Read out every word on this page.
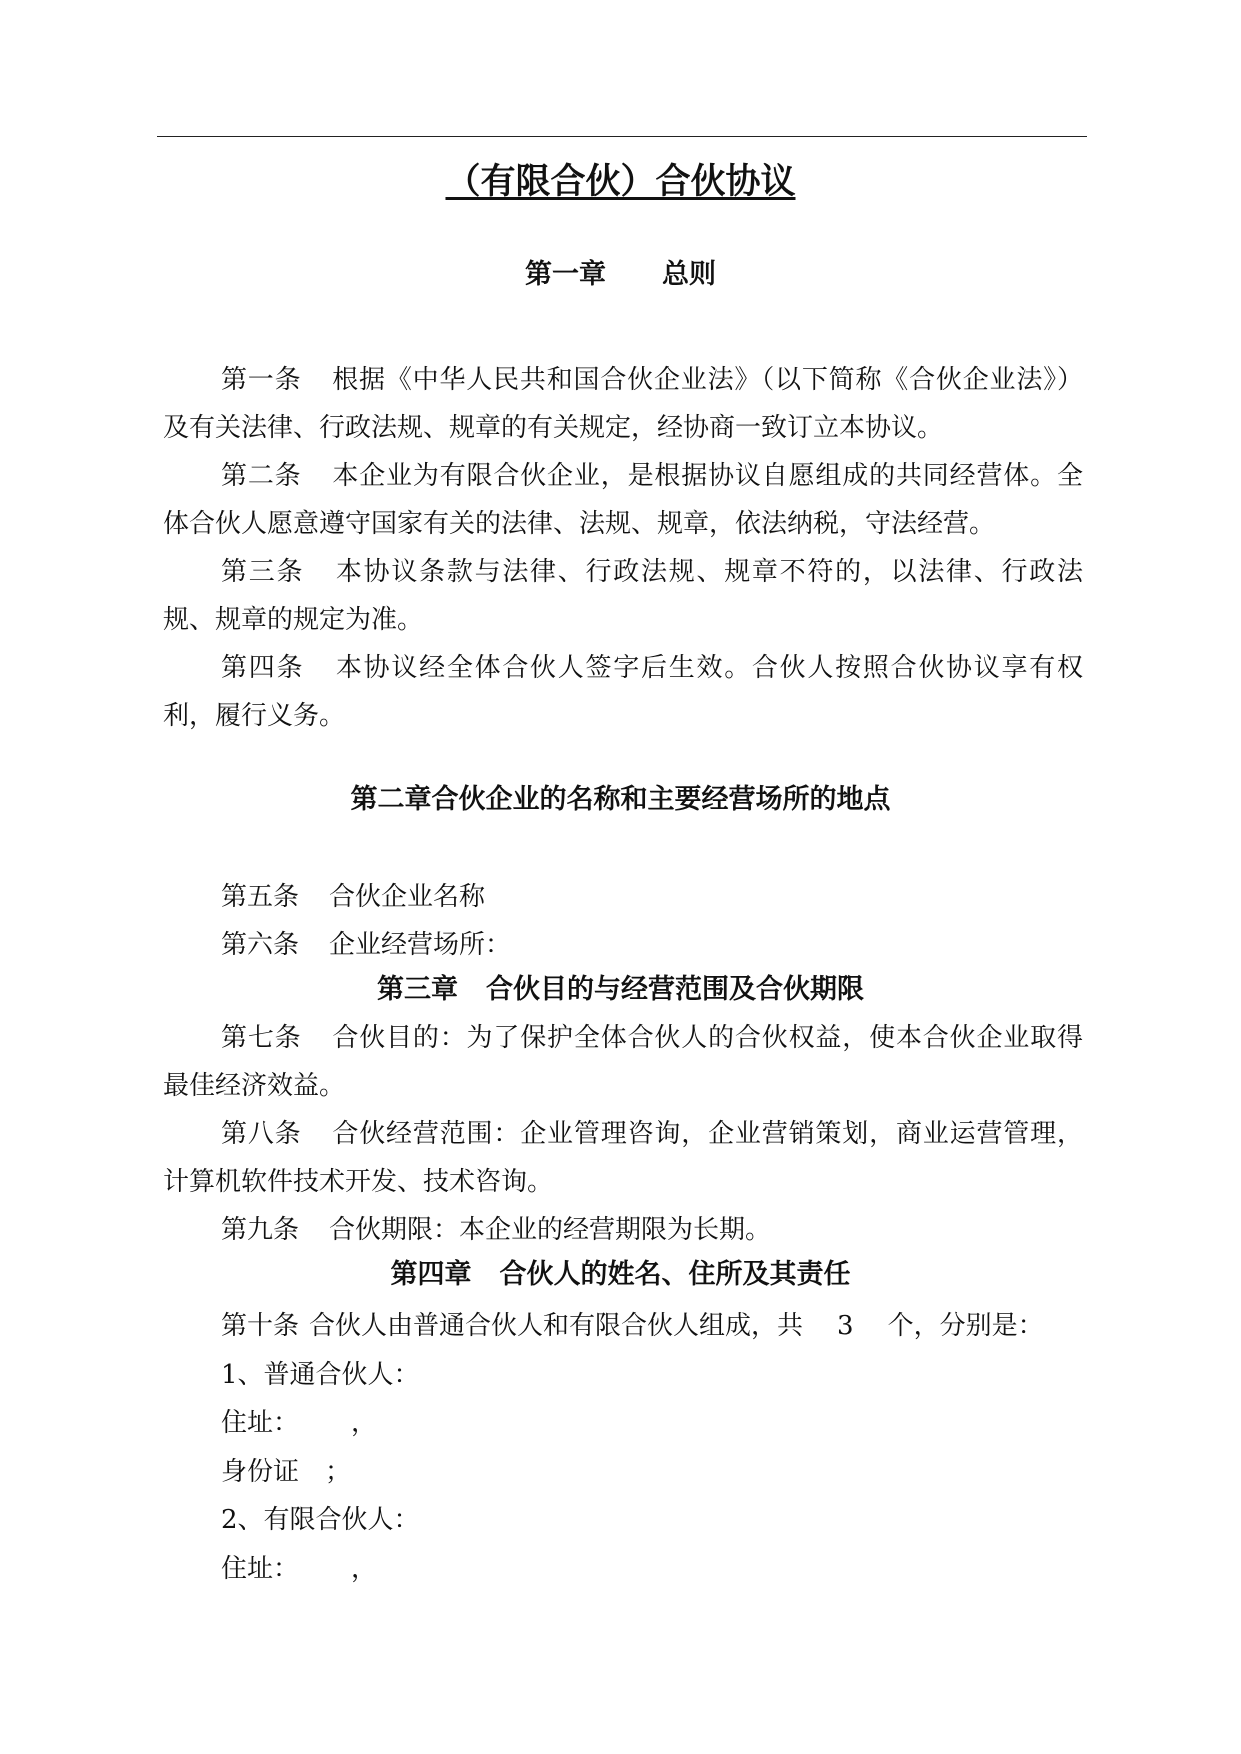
（有限合伙）合伙协议
第一章 总则
第一条 根据《中华人民共和国合伙企业法》（以下简称《合伙企业法》）及有关法律、行政法规、规章的有关规定，经协商一致订立本协议。
第二条 本企业为有限合伙企业，是根据协议自愿组成的共同经营体。全体合伙人愿意遵守国家有关的法律、法规、规章，依法纳税，守法经营。
第三条 本协议条款与法律、行政法规、规章不符的，以法律、行政法规、规章的规定为准。
第四条 本协议经全体合伙人签字后生效。合伙人按照合伙协议享有权利，履行义务。
第二章合伙企业的名称和主要经营场所的地点
第五条 合伙企业名称
第六条 企业经营场所：
第三章 合伙目的与经营范围及合伙期限
第七条 合伙目的：为了保护全体合伙人的合伙权益，使本合伙企业取得最佳经济效益。
第八条 合伙经营范围：企业管理咨询，企业营销策划，商业运营管理，计算机软件技术开发、技术咨询。
第九条 合伙期限：本企业的经营期限为长期。
第四章 合伙人的姓名、住所及其责任
第十条 合伙人由普通合伙人和有限合伙人组成，共 3 个，分别是：
1、普通合伙人：
住址： ，
身份证 ；
2、有限合伙人：
住址： ，
